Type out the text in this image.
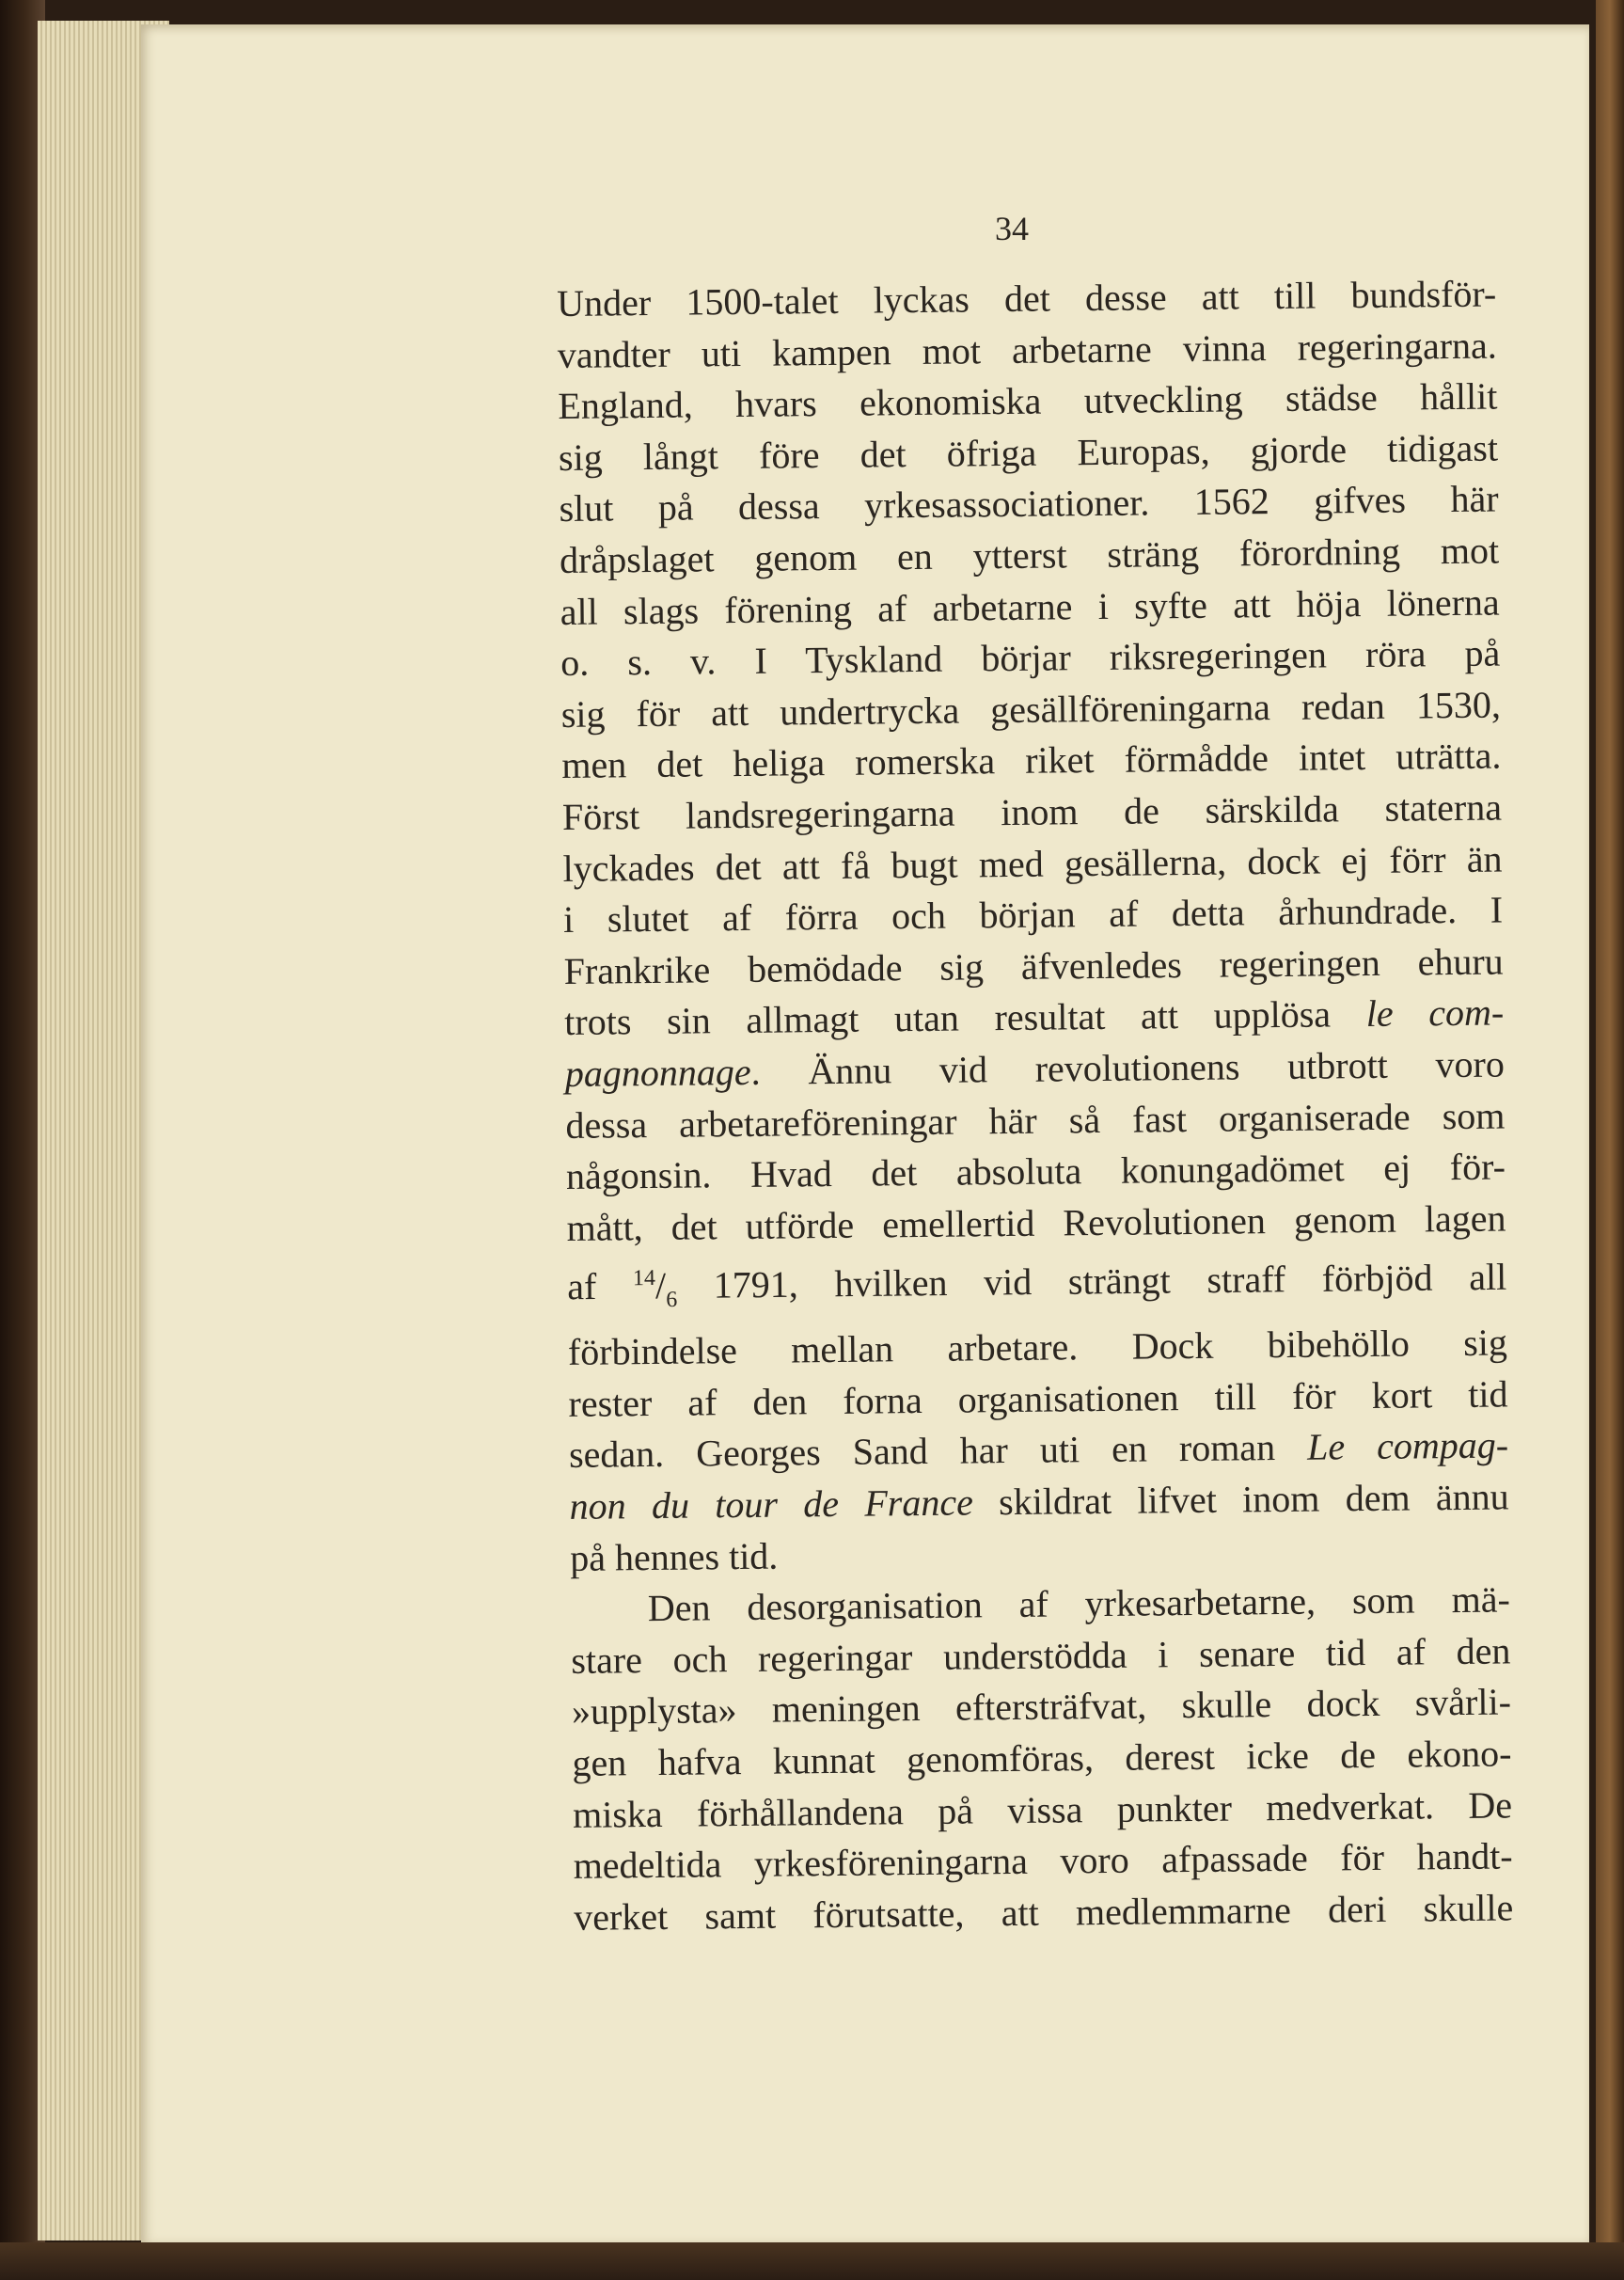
34

Under 1500-talet lyckas det desse att till bundsför-

vandter uti kampen mot arbetarne vinna regeringarna.

England, hvars ekonomiska utveckling städse hållit

sig långt före det öfriga Europas, gjorde tidigast

slut på dessa yrkesassociationer. 1562 gifves här

dråpslaget genom en ytterst sträng förordning mot

all slags förening af arbetarne i syfte att höja lönerna

o. s. v. I Tyskland börjar riksregeringen röra på

sig för att undertrycka gesällföreningarna redan 1530,

men det heliga romerska riket förmådde intet uträtta.

Först landsregeringarna inom de särskilda staterna

lyckades det att få bugt med gesällerna, dock ej förr än

i slutet af förra och början af detta århundrade. I

Frankrike bemödade sig äfvenledes regeringen ehuru

trots sin allmagt utan resultat att upplösa le com-

pagnonnage. Ännu vid revolutionens utbrott voro

dessa arbetareföreningar här så fast organiserade som

någonsin. Hvad det absoluta konungadömet ej för-

mått, det utförde emellertid Revolutionen genom lagen

af $^{14}/_6$ 1791, hvilken vid strängt straff förbjöd all

förbindelse mellan arbetare. Dock bibehöllo sig

rester af den forna organisationen till för kort tid

sedan. Georges Sand har uti en roman Le compag-

non du tour de France skildrat lifvet inom dem ännu

på hennes tid.

Den desorganisation af yrkesarbetarne, som mä-

stare och regeringar understödda i senare tid af den

»upplysta» meningen eftersträfvat, skulle dock svårli-

gen hafva kunnat genomföras, derest icke de ekono-

miska förhållandena på vissa punkter medverkat. De

medeltida yrkesföreningarna voro afpassade för handt-

verket samt förutsatte, att medlemmarne deri skulle
